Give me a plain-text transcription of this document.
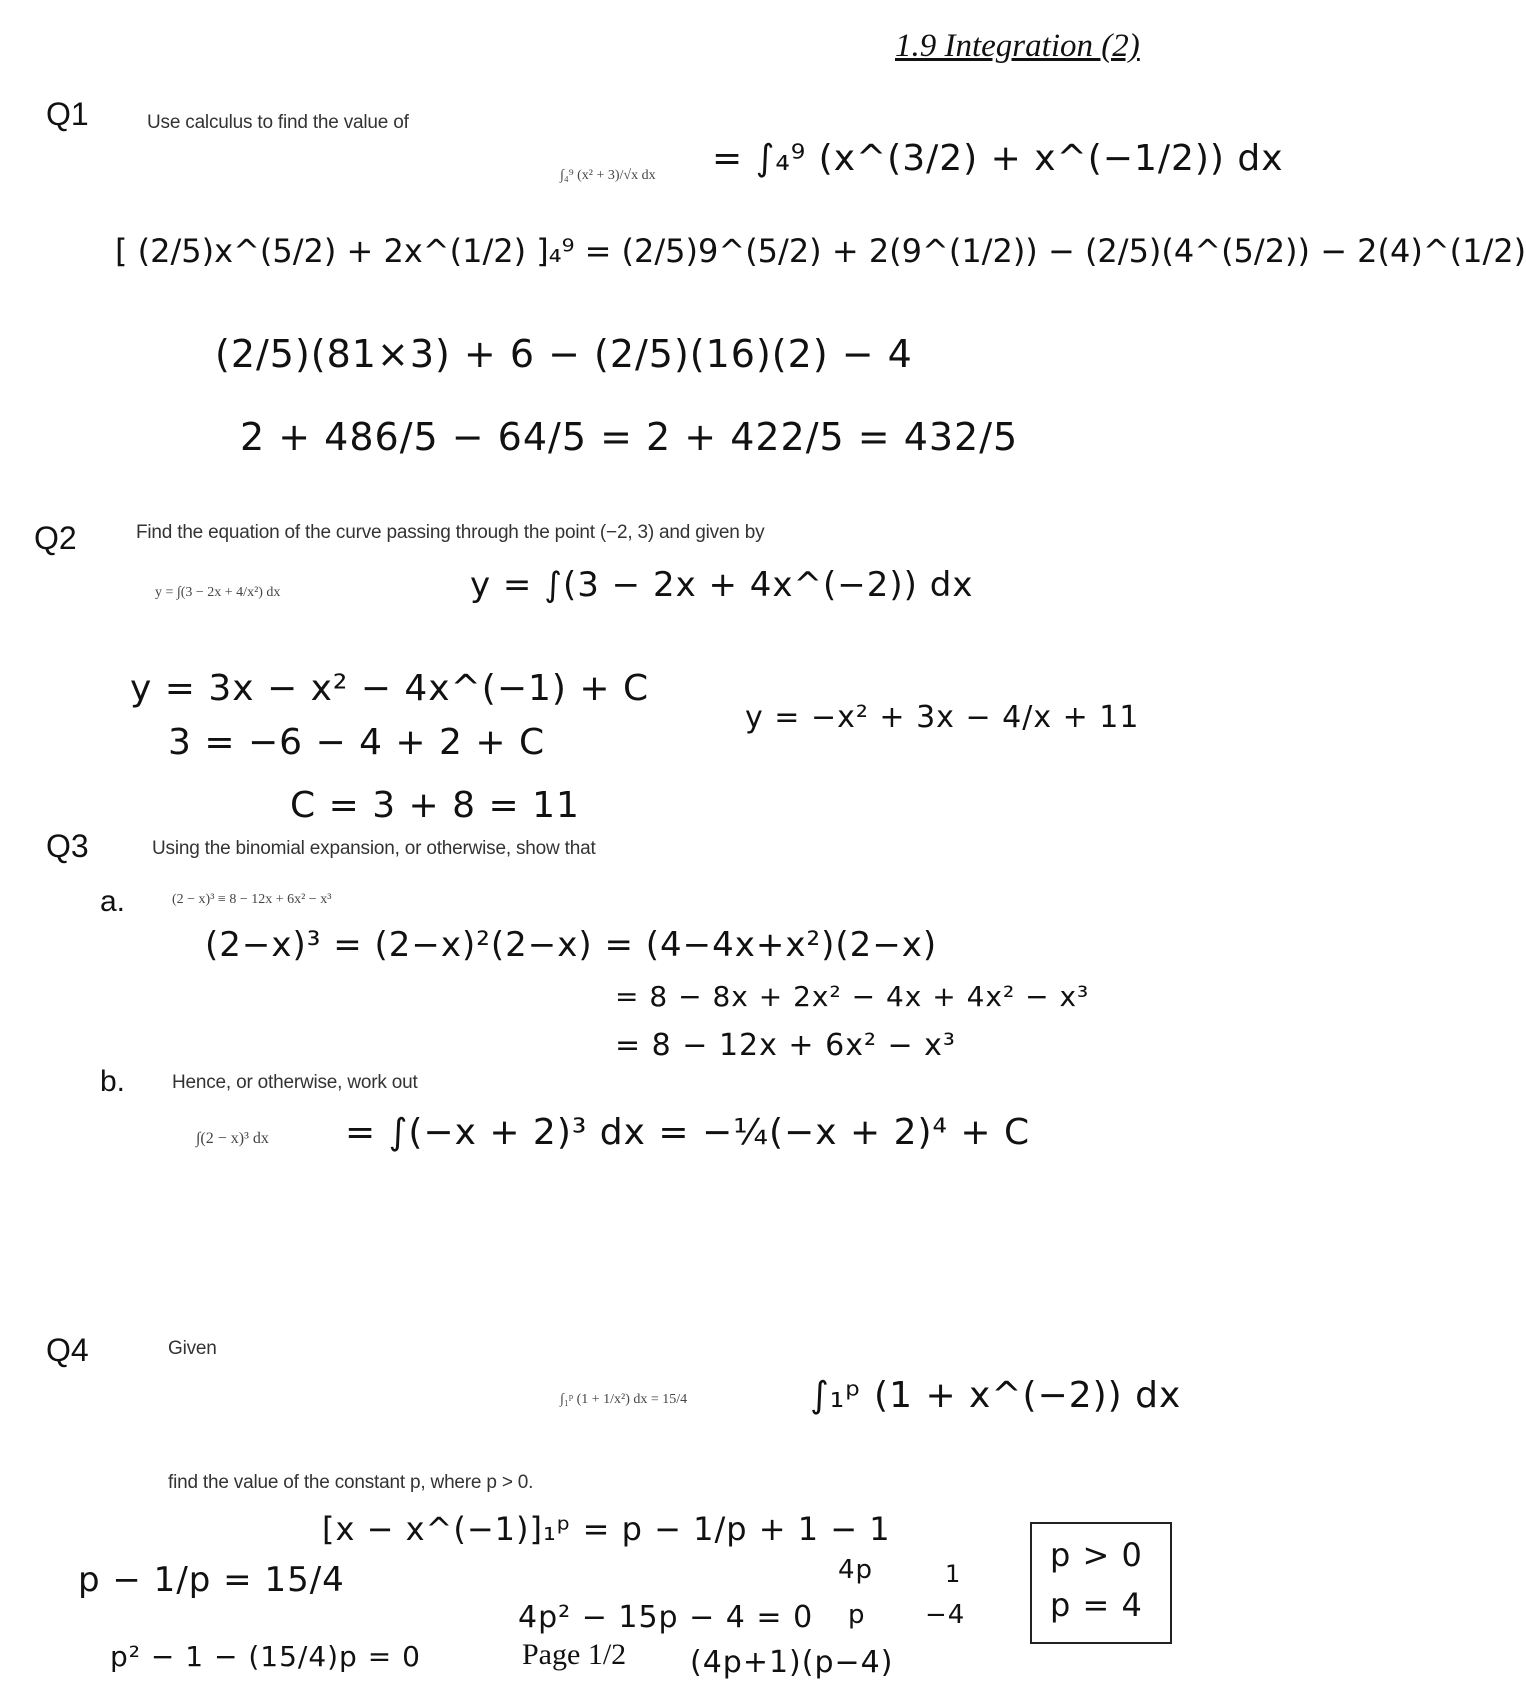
1.9 Integration (2)
Q1	Use calculus to find the value of
∫₄⁹ (x² + 3)/√x dx = ∫₄⁹ (x^(3/2) + x^(−1/2)) dx
[ (2/5)x^(5/2) + 2x^(1/2) ]₄⁹ = (2/5)9^(5/2) + 2(9^(1/2)) − (2/5)(4^(5/2)) − 2(4)^(1/2)
(2/5)(81×3) + 6 − (2/5)(16)(2) − 4
2 + 486/5 − 64/5 = 2 + 422/5 = 432/5
Q2	Find the equation of the curve passing through the point (−2, 3) and given by
y = ∫(3 − 2x + 4/x²) dx	y = ∫(3 − 2x + 4x^(−2)) dx
y = 3x − x² − 4x^(−1) + C
3 = −6 − 4 + 2 + C
C = 3 + 8 = 11
y = −x² + 3x − 4/x + 11
Q3	Using the binomial expansion, or otherwise, show that
a.	(2 − x)³ ≡ 8 − 12x + 6x² − x³
(2−x)³ = (2−x)²(2−x) = (4−4x+x²)(2−x)
= 8 − 8x + 2x² − 4x + 4x² − x³
= 8 − 12x + 6x² − x³
b. Hence, or otherwise, work out
∫(2 − x)³ dx = ∫(−x + 2)³ dx = −¼(−x + 2)⁴ + C
Q4	Given
∫₁ᵖ (1 + 1/x²) dx = 15/4	∫₁ᵖ (1 + x^(−2)) dx
find the value of the constant p, where p > 0.
[x − x^(−1)]₁ᵖ = p − 1/p + 1 − 1
p − 1/p = 15/4
p² − 1 − (15/4)p = 0
4p² − 15p − 4 = 0
(4p+1)(p−4)
4p	1
p −4
p > 0
p = 4
Page 1/2
